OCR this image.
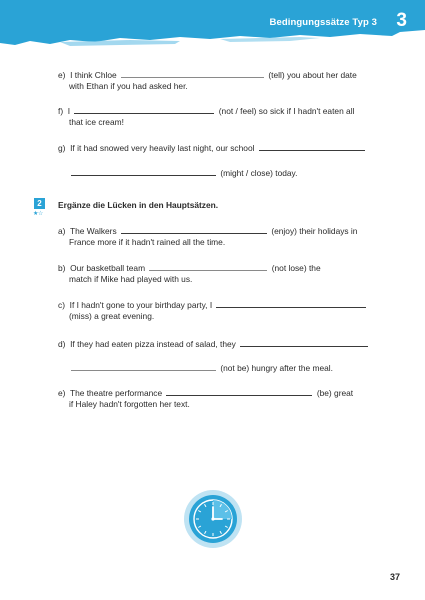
Bedingungssätze Typ 3 3
e) I think Chloe	(tell) you about her date
with Ethan if you had asked her.
f) I	(not / feel) so sick if I hadn't eaten all
that ice cream!
g) If it had snowed very heavily last night, our school
(might / close) today.
2
★☆
Ergänze die Lücken in den Hauptsätzen.
a) The Walkers	(enjoy) their holidays in
France more if it hadn't rained all the time.
b) Our basketball team	(not lose) the
match if Mike had played with us.
c) If I hadn't gone to your birthday party, I
(miss) a great evening.
d) If they had eaten pizza instead of salad, they
(not be) hungry after the meal.
e) The theatre performance	(be) great
if Haley hadn't forgotten her text.
37
